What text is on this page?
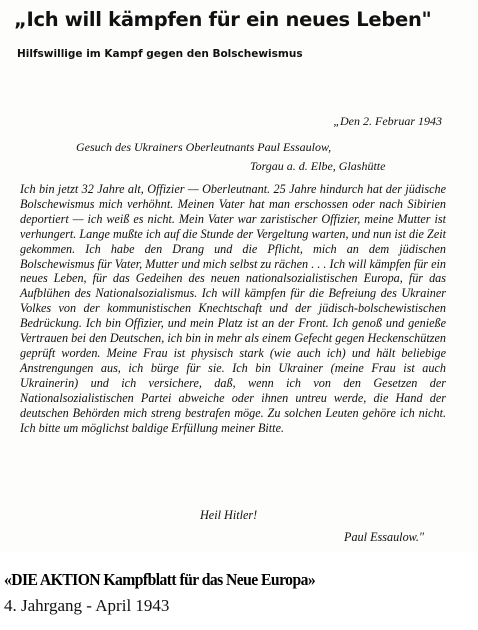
„Ich will kämpfen für ein neues Leben"
Hilfswillige im Kampf gegen den Bolschewismus
„Den 2. Februar 1943
Gesuch des Ukrainers Oberleutnants Paul Essaulow,
Torgau a. d. Elbe, Glashütte

Ich bin jetzt 32 Jahre alt, Offizier — Oberleutnant. 25 Jahre hindurch hat der jüdische Bolschewismus mich verhöhnt. Meinen Vater hat man erschossen oder nach Sibirien deportiert — ich weiß es nicht. Mein Vater war zaristischer Offizier, meine Mutter ist verhungert. Lange mußte ich auf die Stunde der Vergeltung warten, und nun ist die Zeit gekommen. Ich habe den Drang und die Pflicht, mich an dem jüdischen Bolschewismus für Vater, Mutter und mich selbst zu rächen . . . Ich will kämpfen für ein neues Leben, für das Gedeihen des neuen nationalsozialistischen Europa, für das Aufblühen des Nationalsozialismus. Ich will kämpfen für die Befreiung des Ukrainer Volkes von der kommunistischen Knechtschaft und der jüdisch-bolschewistischen Bedrückung. Ich bin Offizier, und mein Platz ist an der Front. Ich genoß und genieße Vertrauen bei den Deutschen, ich bin in mehr als einem Gefecht gegen Heckenschützen geprüft worden. Meine Frau ist physisch stark (wie auch ich) und hält beliebige Anstrengungen aus, ich bürge für sie. Ich bin Ukrainer (meine Frau ist auch Ukrainerin) und ich versichere, daß, wenn ich von den Gesetzen der Nationalsozialistischen Partei abweiche oder ihnen untreu werde, die Hand der deutschen Behörden mich streng bestrafen möge. Zu solchen Leuten gehöre ich nicht. Ich bitte um möglichst baldige Erfüllung meiner Bitte.

Heil Hitler!
Paul Essaulow."
«DIE AKTION Kampfblatt für das Neue Europa»
4. Jahrgang - April 1943
